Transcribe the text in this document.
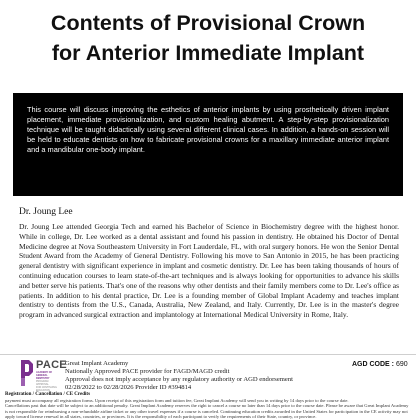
Contents of Provisional Crown
for Anterior Immediate Implant

This course will discuss improving the esthetics of anterior implants by using prosthetically driven implant placement, immediate provisionalization, and custom healing abutment. A step-by-step provisionalization technique will be taught didactically using several different clinical cases. In addition, a hands-on session will be held to educate dentists on how to fabricate provisional crowns for a maxillary immediate anterior implant and a mandibular one-body implant.

Dr. Joung Lee

Dr. Joung Lee attended Georgia Tech and earned his Bachelor of Science in Biochemistry degree with the highest honor. While in college, Dr. Lee worked as a dental assistant and found his passion in dentistry. He obtained his Doctor of Dental Medicine degree at Nova Southeastern University in Fort Lauderdale, FL, with oral surgery honors. He won the Senior Dental Student Award from the Academy of General Dentistry. Following his move to San Antonio in 2015, he has been practicing general dentistry with significant experience in implant and cosmetic dentistry. Dr. Lee has been taking thousands of hours of continuing education courses to learn state-of-the-art techniques and is always looking for opportunities to advance his skills and better serve his patients. That's one of the reasons why other dentists and their family members come to Dr. Lee's office as patients. In addition to his dental practice, Dr. Lee is a founding member of Global Implant Academy and teaches implant dentistry to dentists from the U.S., Canada, Australia, New Zealand, and Italy. Currently, Dr. Lee is in the master's degree program in advanced surgical extraction and implantology at International Medical University in Rome, Italy.

PACE
ACADEMY OF
GENERAL DENTISTRY
PROGRAM APPROVAL
FOR CONTINUING
EDUCATION
Great Implant Academy
Nationally Approved PACE provider for FAGD/MAGD credit
Approval does not imply acceptance by any regulatory authority or AGD endorsement
02/28/2022 to 02/28/2026 Provider ID #394814
AGD CODE : 690
Registration / Cancellation / CE Credits
payment must accompany all registration forms. Upon receipt of this registration form and tuition fee, Great Implant Academy will send you in writing by 14 days prior to the course date.
Cancellations past that date will be subject to an additional penalty. Great Implant Academy reserves the right to cancel a course no later than 14 days prior to the course date. Please be aware that Great Implant Academy is not responsible for reimbursing a non-refundable airline ticket or any other travel expenses if a course is canceled. Continuing education credits awarded in the United States for participation in the CE activity may not apply toward license renewal in all states, countries, or provinces. It is the responsibility of each participant to verify the requirements of their State, country, or province.
